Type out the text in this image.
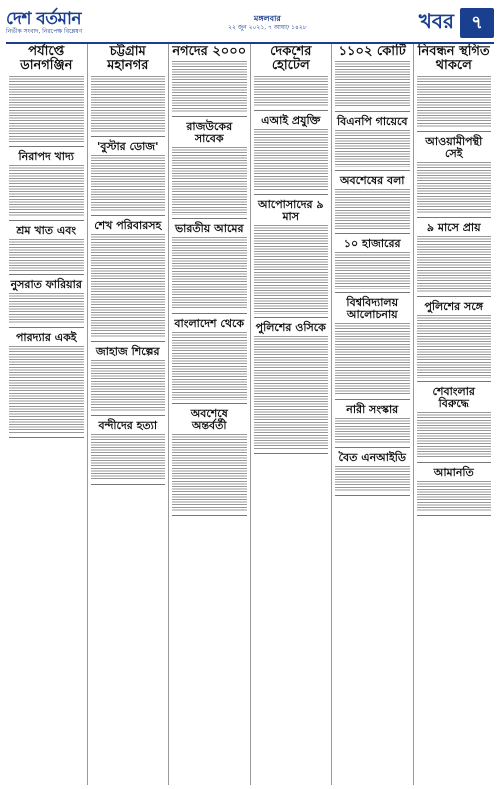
দেশ বর্তমান
নির্ভীক সংবাদ, নিরপেক্ষ বিশ্লেষণ
মঙ্গলবার
২২ জুন ২০২১, ৭ আষাঢ় ১৪২৮	খবর ৭
পর্যাপ্তে ডানগঞ্জিন
নিরাপদ খাদ্য
শ্রম খাত এবং
নুসরাত ফারিয়ার
পারদ্যার একই
চট্টগ্রাম মহানগর
'বুস্টার ডোজ'
শেখ পরিবারসহ
জাহাজ শিল্পের
বন্দীদের হত্যা
নগদের ২০০০
রাজউকের সাবেক
ভারতীয় আমের
বাংলাদেশ থেকে
অবশেষে অন্তর্বর্তী
দেকশের হোটেল
এআই প্রযুক্তি
আপোসাদের ৯ মাস
পুলিশের ওসিকে
১১০২ কোটি
বিএনপি গায়েবে
অবশেষের বলা
১০ হাজারের
বিশ্ববিদ্যালয় আলোচনায়
নারী সংস্কার
বৈত এনআইডি
নিবন্ধন স্থগিত থাকলে
আওয়ামীপন্থী সেই
৯ মাসে প্রায়
পুলিশের সঙ্গে
শেবাংলার বিরুদ্ধে
আমানতি
